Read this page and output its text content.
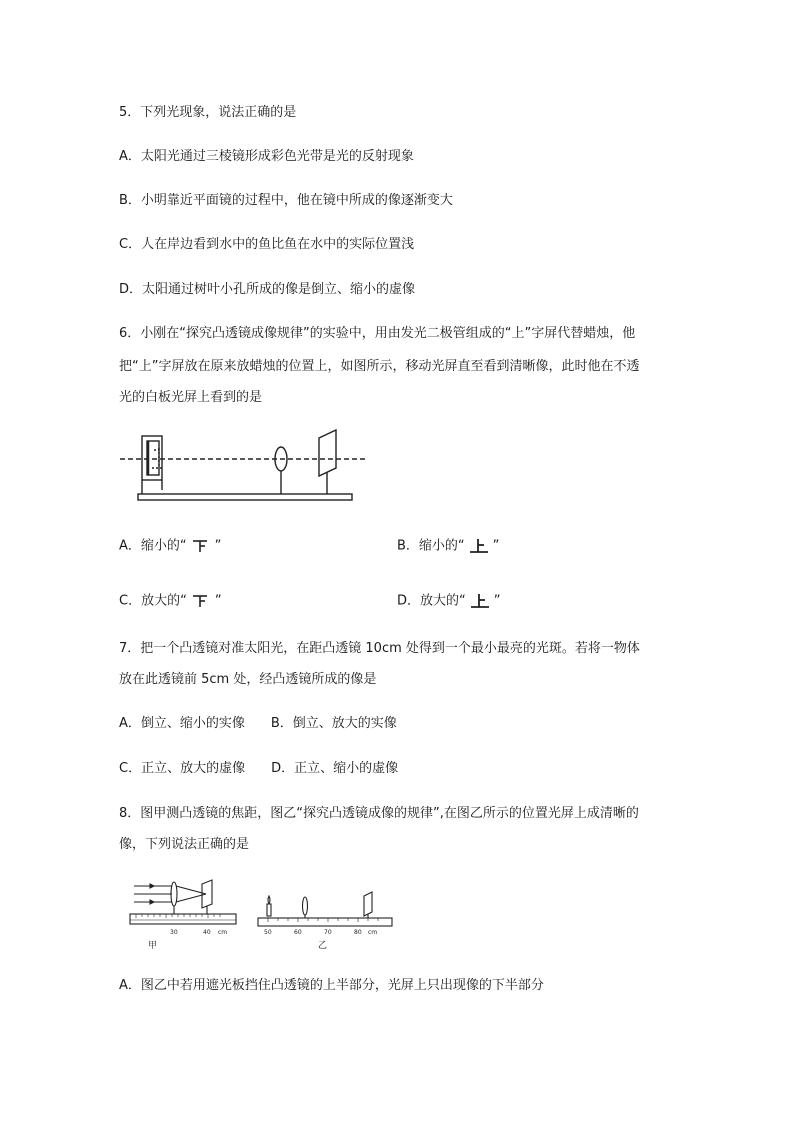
5．下列光现象，说法正确的是
A．太阳光通过三棱镜形成彩色光带是光的反射现象
B．小明靠近平面镜的过程中，他在镜中所成的像逐渐变大
C．人在岸边看到水中的鱼比鱼在水中的实际位置浅
D．太阳通过树叶小孔所成的像是倒立、缩小的虚像
6．小刚在“探究凸透镜成像规律”的实验中，用由发光二极管组成的“上”字屏代替蜡烛，他
把“上”字屏放在原来放蜡烛的位置上，如图所示，移动光屏直至看到清晰像，此时他在不透
光的白板光屏上看到的是
A．缩小的“ ”	B．缩小的“ ”
C．放大的“ ”	D．放大的“ ”
7．把一个凸透镜对准太阳光，在距凸透镜 10cm 处得到一个最小最亮的光斑。若将一物体
放在此透镜前 5cm 处，经凸透镜所成的像是
A．倒立、缩小的实像　　B．倒立、放大的实像
C．正立、放大的虚像　　D．正立、缩小的虚像
8．图甲测凸透镜的焦距，图乙“探究凸透镜成像的规律”,在图乙所示的位置光屏上成清晰的
像，下列说法正确的是
30	40 cm
甲
50	60	70	80 cm
乙
A．图乙中若用遮光板挡住凸透镜的上半部分，光屏上只出现像的下半部分
